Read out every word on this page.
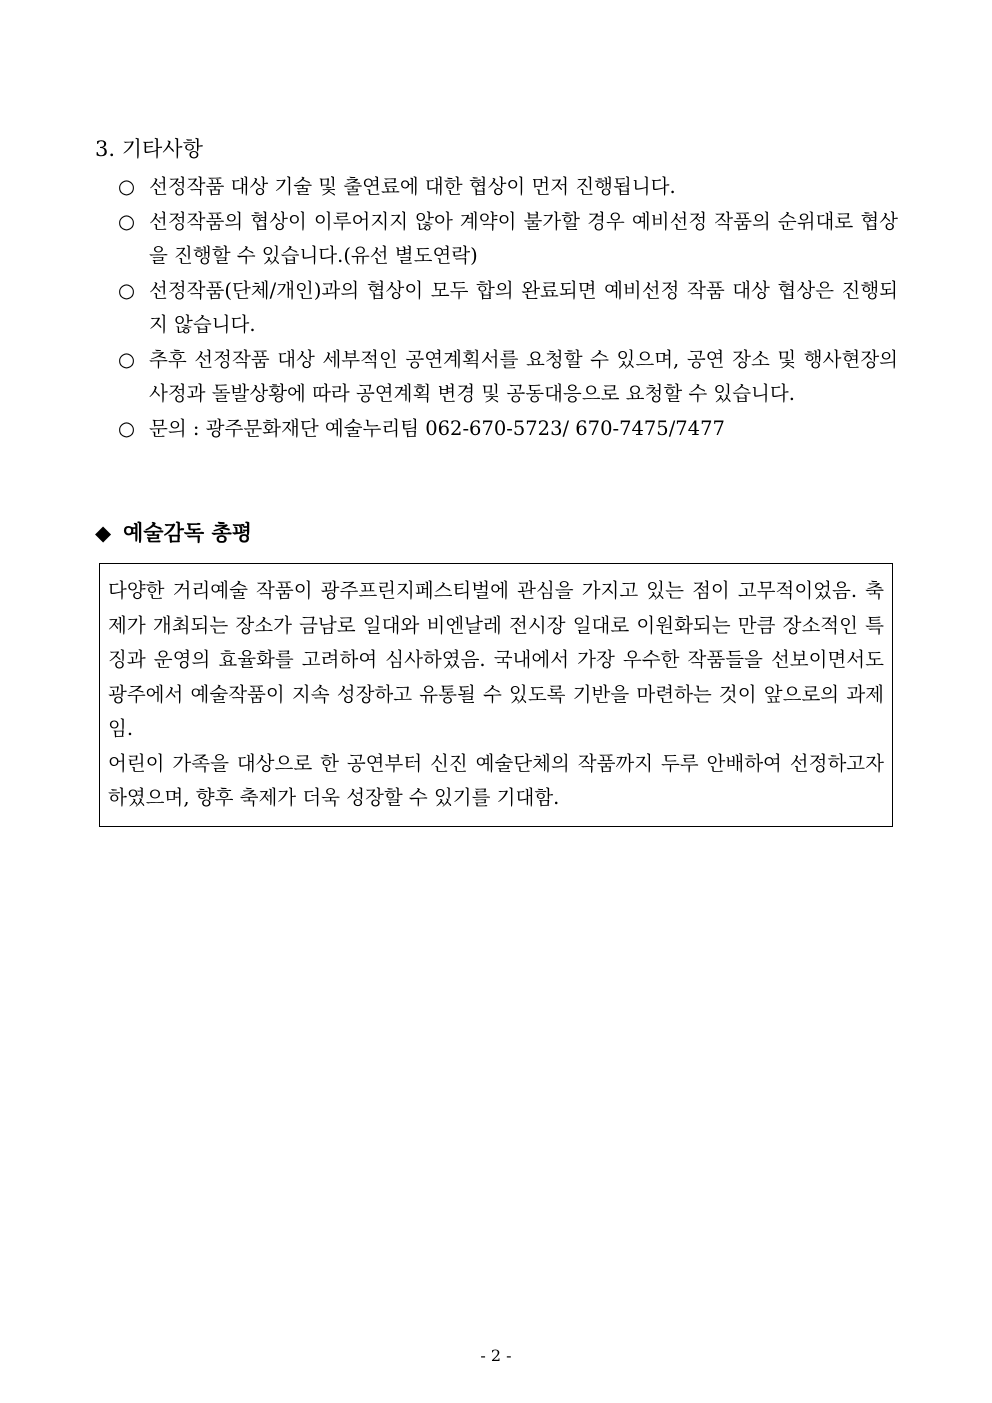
3. 기타사항
○ 선정작품 대상 기술 및 출연료에 대한 협상이 먼저 진행됩니다.
○ 선정작품의 협상이 이루어지지 않아 계약이 불가할 경우 예비선정 작품의 순위대로 협상을 진행할 수 있습니다.(유선 별도연락)
○ 선정작품(단체/개인)과의 협상이 모두 합의 완료되면 예비선정 작품 대상 협상은 진행되지 않습니다.
○ 추후 선정작품 대상 세부적인 공연계획서를 요청할 수 있으며, 공연 장소 및 행사현장의 사정과 돌발상황에 따라 공연계획 변경 및 공동대응으로 요청할 수 있습니다.
○ 문의 : 광주문화재단 예술누리팀 062-670-5723/ 670-7475/7477
◆ 예술감독 총평

다양한 거리예술 작품이 광주프린지페스티벌에 관심을 가지고 있는 점이 고무적이었음. 축제가 개최되는 장소가 금남로 일대와 비엔날레 전시장 일대로 이원화되는 만큼 장소적인 특징과 운영의 효율화를 고려하여 심사하였음. 국내에서 가장 우수한 작품들을 선보이면서도 광주에서 예술작품이 지속 성장하고 유통될 수 있도록 기반을 마련하는 것이 앞으로의 과제임.

어린이 가족을 대상으로 한 공연부터 신진 예술단체의 작품까지 두루 안배하여 선정하고자 하였으며, 향후 축제가 더욱 성장할 수 있기를 기대함.

- 2 -
